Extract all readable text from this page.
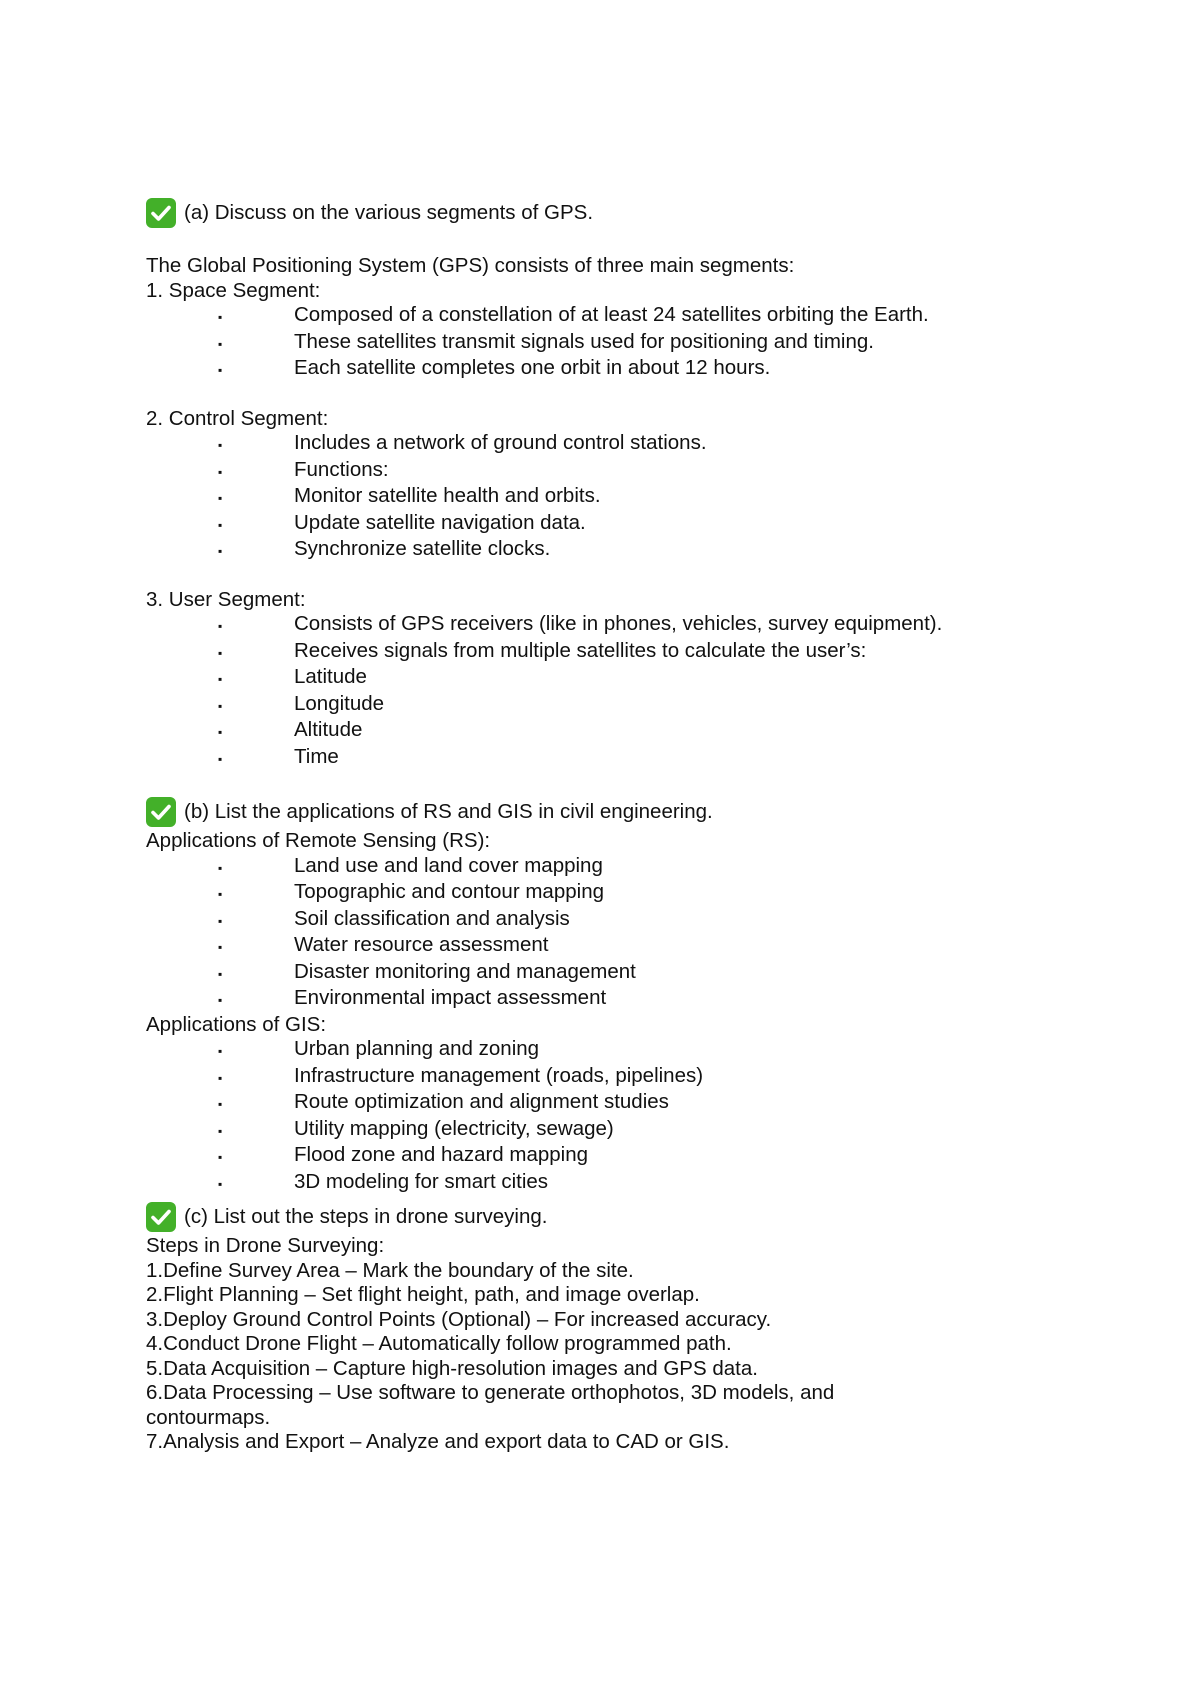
(a) Discuss on the various segments of GPS.
The Global Positioning System (GPS) consists of three main segments:
1. Space Segment:
▪	Composed of a constellation of at least 24 satellites orbiting the Earth.
▪	These satellites transmit signals used for positioning and timing.
▪	Each satellite completes one orbit in about 12 hours.
2. Control Segment:
▪	Includes a network of ground control stations.
▪	Functions:
▪	Monitor satellite health and orbits.
▪	Update satellite navigation data.
▪	Synchronize satellite clocks.
3. User Segment:
▪	Consists of GPS receivers (like in phones, vehicles, survey equipment).
▪	Receives signals from multiple satellites to calculate the user’s:
▪	Latitude
▪	Longitude
▪	Altitude
▪	Time
(b) List the applications of RS and GIS in civil engineering.
Applications of Remote Sensing (RS):
▪	Land use and land cover mapping
▪	Topographic and contour mapping
▪	Soil classification and analysis
▪	Water resource assessment
▪	Disaster monitoring and management
▪	Environmental impact assessment
Applications of GIS:
▪	Urban planning and zoning
▪	Infrastructure management (roads, pipelines)
▪	Route optimization and alignment studies
▪	Utility mapping (electricity, sewage)
▪	Flood zone and hazard mapping
▪	3D modeling for smart cities
(c) List out the steps in drone surveying.
Steps in Drone Surveying:
1.Define Survey Area – Mark the boundary of the site.
2.Flight Planning – Set flight height, path, and image overlap.
3.Deploy Ground Control Points (Optional) – For increased accuracy.
4.Conduct Drone Flight – Automatically follow programmed path.
5.Data Acquisition – Capture high-resolution images and GPS data.
6.Data Processing – Use software to generate orthophotos, 3D models, and contourmaps.
7.Analysis and Export – Analyze and export data to CAD or GIS.
